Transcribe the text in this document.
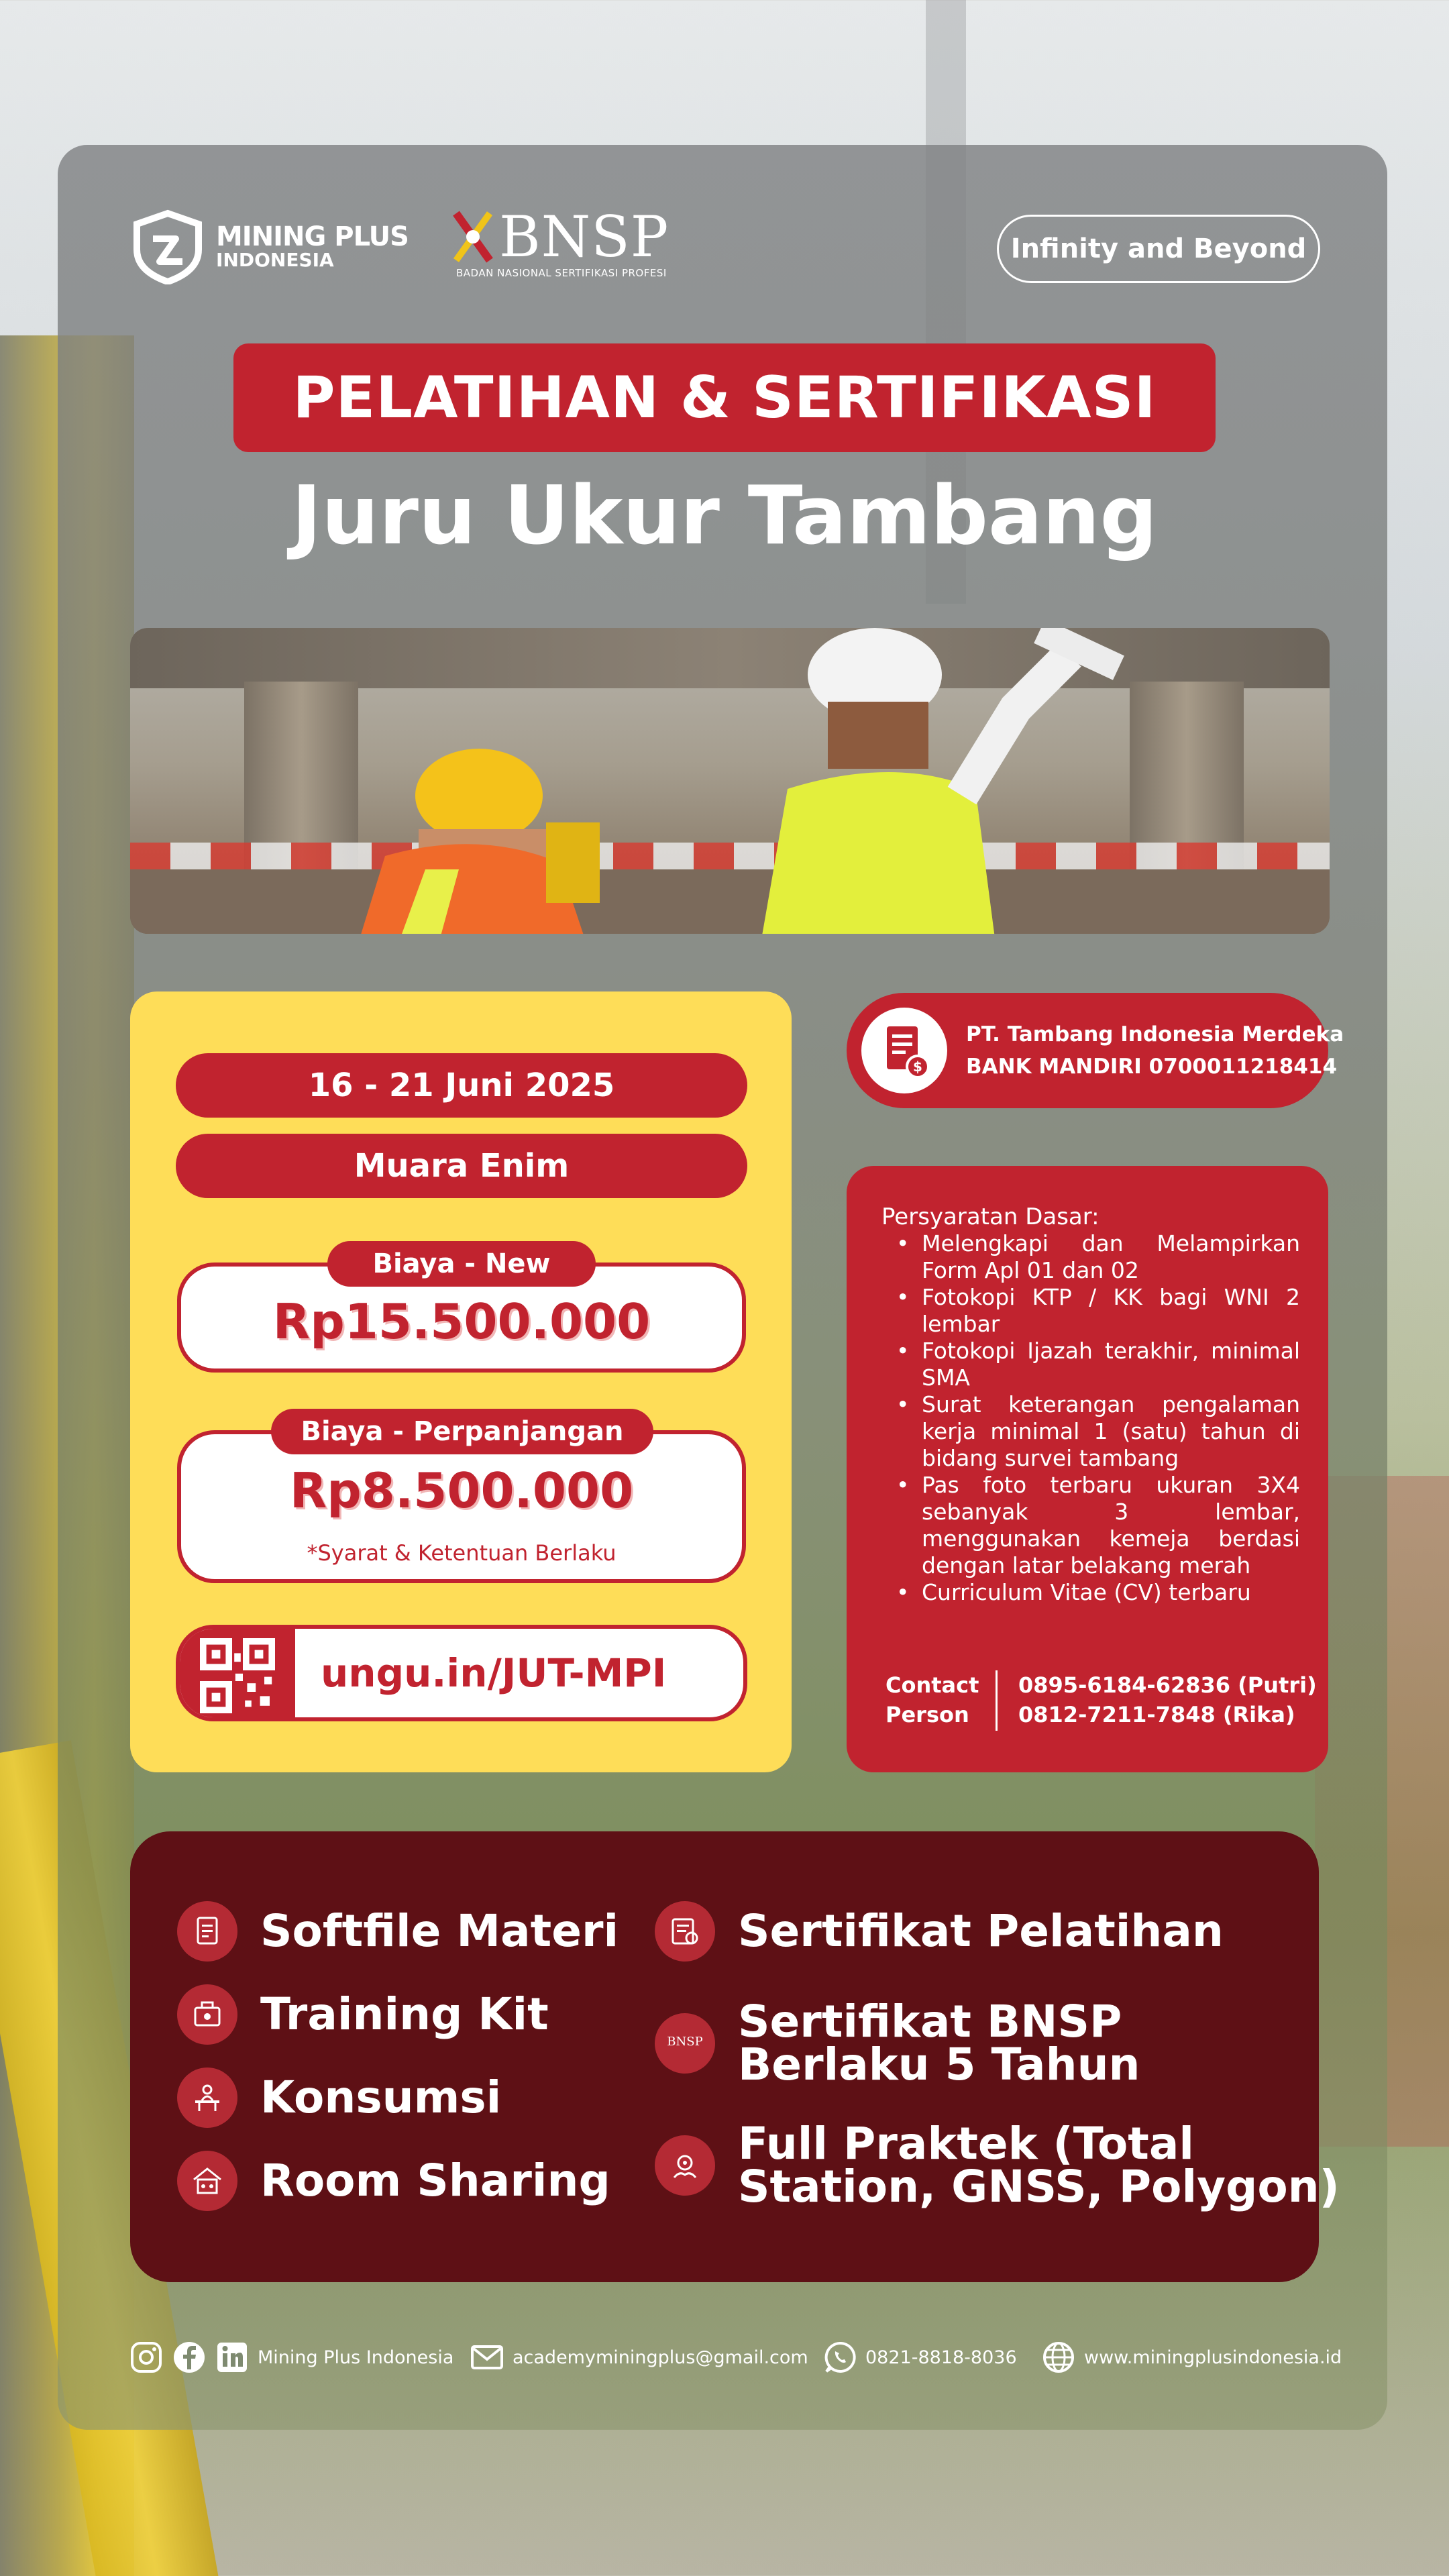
MINING PLUS
INDONESIA	BNSP
BADAN NASIONAL SERTIFIKASI PROFESI
Infinity and Beyond
PELATIHAN & SERTIFIKASI
Juru Ukur Tambang
16 - 21 Juni 2025
Muara Enim
Rp15.500.000
Biaya - New
Rp8.500.000
*Syarat & Ketentuan Berlaku
Biaya - Perpanjangan
ungu.in/JUT-MPI
$
PT. Tambang Indonesia Merdeka
BANK MANDIRI 0700011218414
Persyaratan Dasar:
• Melengkapi dan Melampirkan Form Apl 01 dan 02
• Fotokopi KTP / KK bagi WNI 2 lembar
• Fotokopi Ijazah terakhir, minimal SMA
• Surat keterangan pengalaman kerja minimal 1 (satu) tahun di bidang survei tambang
• Pas foto terbaru ukuran 3X4 sebanyak 3 lembar, menggunakan kemeja berdasi dengan latar belakang merah
• Curriculum Vitae (CV) terbaru
Contact
Person
0895-6184-62836 (Putri)
0812-7211-7848 (Rika)
Softfile Materi
Training Kit
Konsumsi
Room Sharing
Sertifikat Pelatihan
BNSP Sertifikat BNSP
Berlaku 5 Tahun
Full Praktek (Total
Station, GNSS, Polygon)
Mining Plus Indonesia	academyminingplus@gmail.com	0821-8818-8036	www.miningplusindonesia.id
